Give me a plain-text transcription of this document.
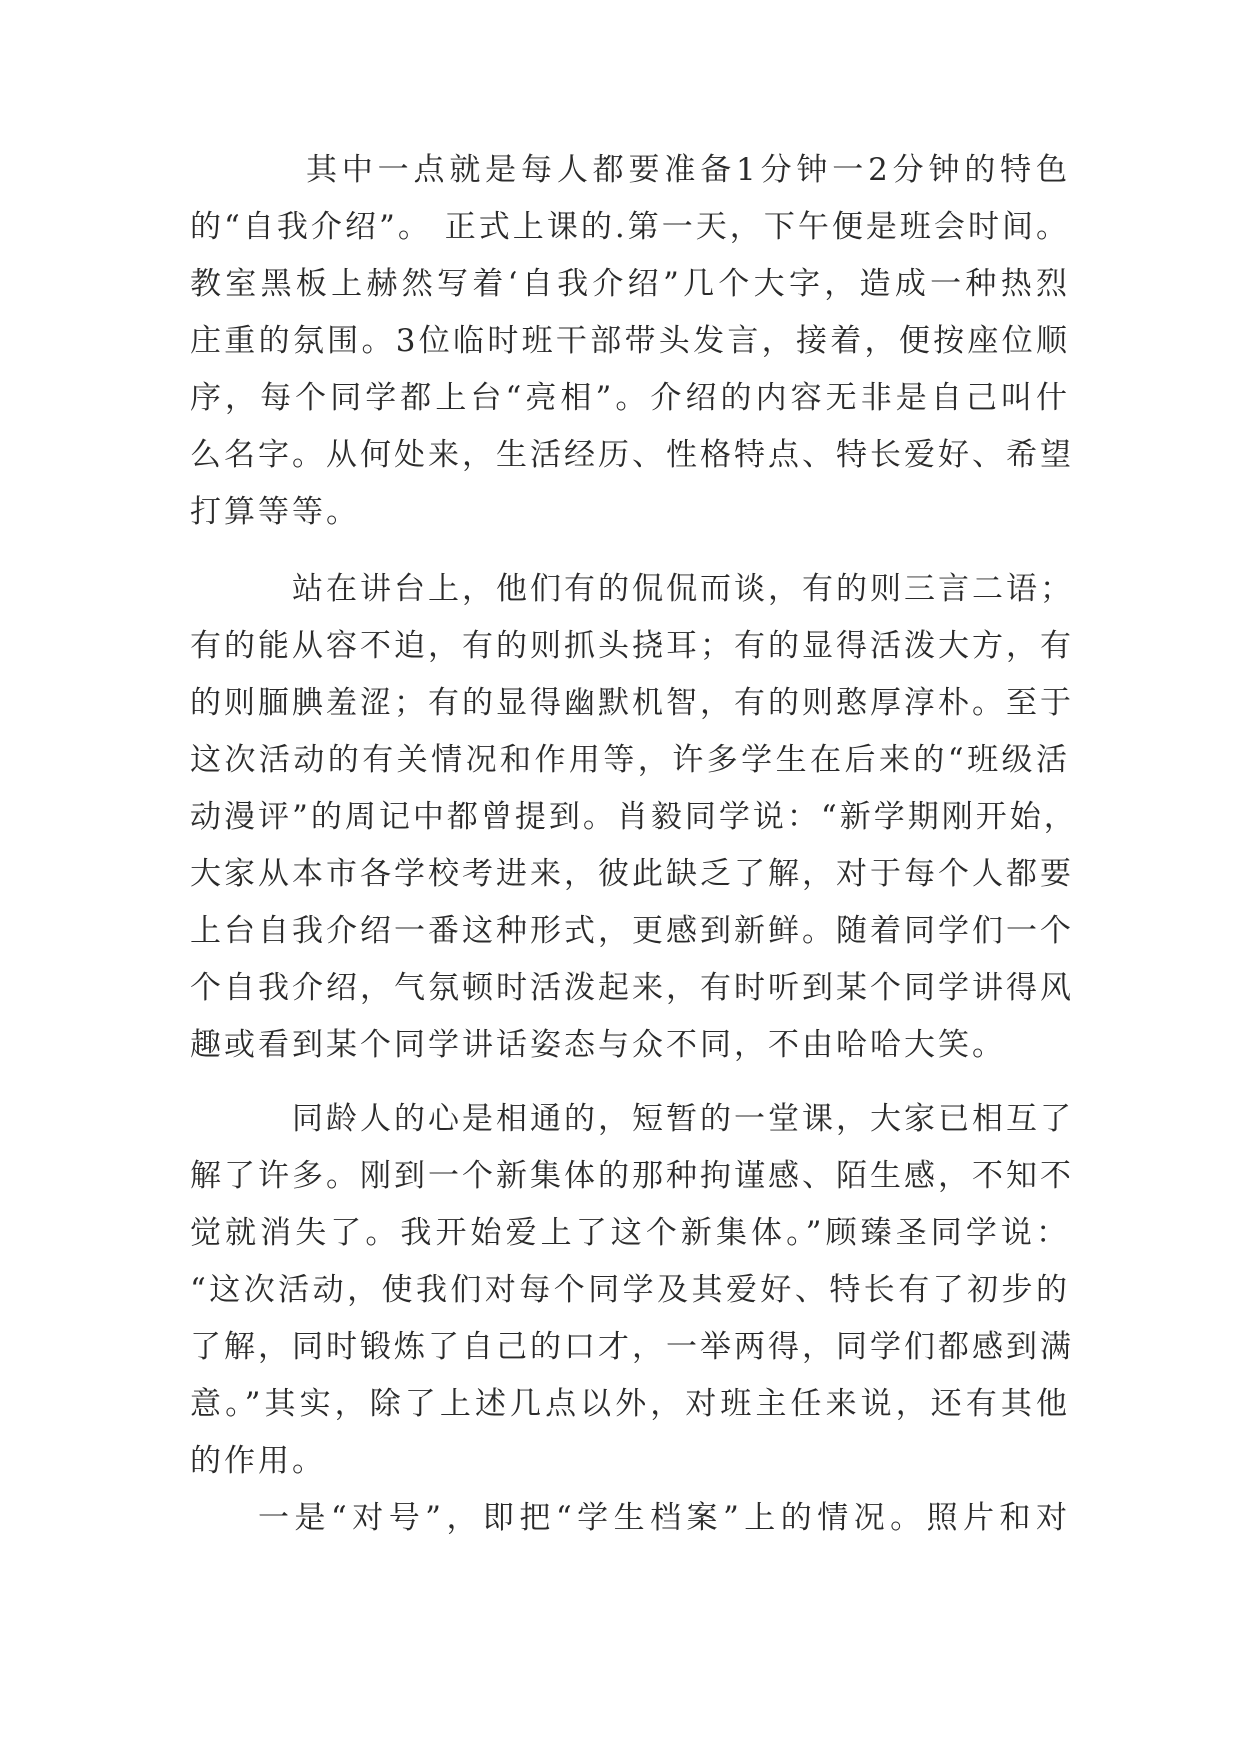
其中一点就是每人都要准备1分钟一2分钟的特色
的“自我介绍”。 正式上课的.第一天，下午便是班会时间。
教室黑板上赫然写着‘自我介绍”几个大字，造成一种热烈
庄重的氛围。3位临时班干部带头发言，接着，便按座位顺
序，每个同学都上台“亮相”。介绍的内容无非是自己叫什
么名字。从何处来，生活经历、性格特点、特长爱好、希望
打算等等。
站在讲台上，他们有的侃侃而谈，有的则三言二语；
有的能从容不迫，有的则抓头挠耳；有的显得活泼大方，有
的则腼腆羞涩；有的显得幽默机智，有的则憨厚淳朴。至于
这次活动的有关情况和作用等，许多学生在后来的“班级活
动漫评”的周记中都曾提到。肖毅同学说：“新学期刚开始，
大家从本市各学校考进来，彼此缺乏了解，对于每个人都要
上台自我介绍一番这种形式，更感到新鲜。随着同学们一个
个自我介绍，气氛顿时活泼起来，有时听到某个同学讲得风
趣或看到某个同学讲话姿态与众不同，不由哈哈大笑。
同龄人的心是相通的，短暂的一堂课，大家已相互了
解了许多。刚到一个新集体的那种拘谨感、陌生感，不知不
觉就消失了。我开始爱上了这个新集体。”顾臻圣同学说：
“这次活动，使我们对每个同学及其爱好、特长有了初步的
了解，同时锻炼了自己的口才，一举两得，同学们都感到满
意。”其实，除了上述几点以外，对班主任来说，还有其他
的作用。
一是“对号”，即把“学生档案”上的情况。照片和对
